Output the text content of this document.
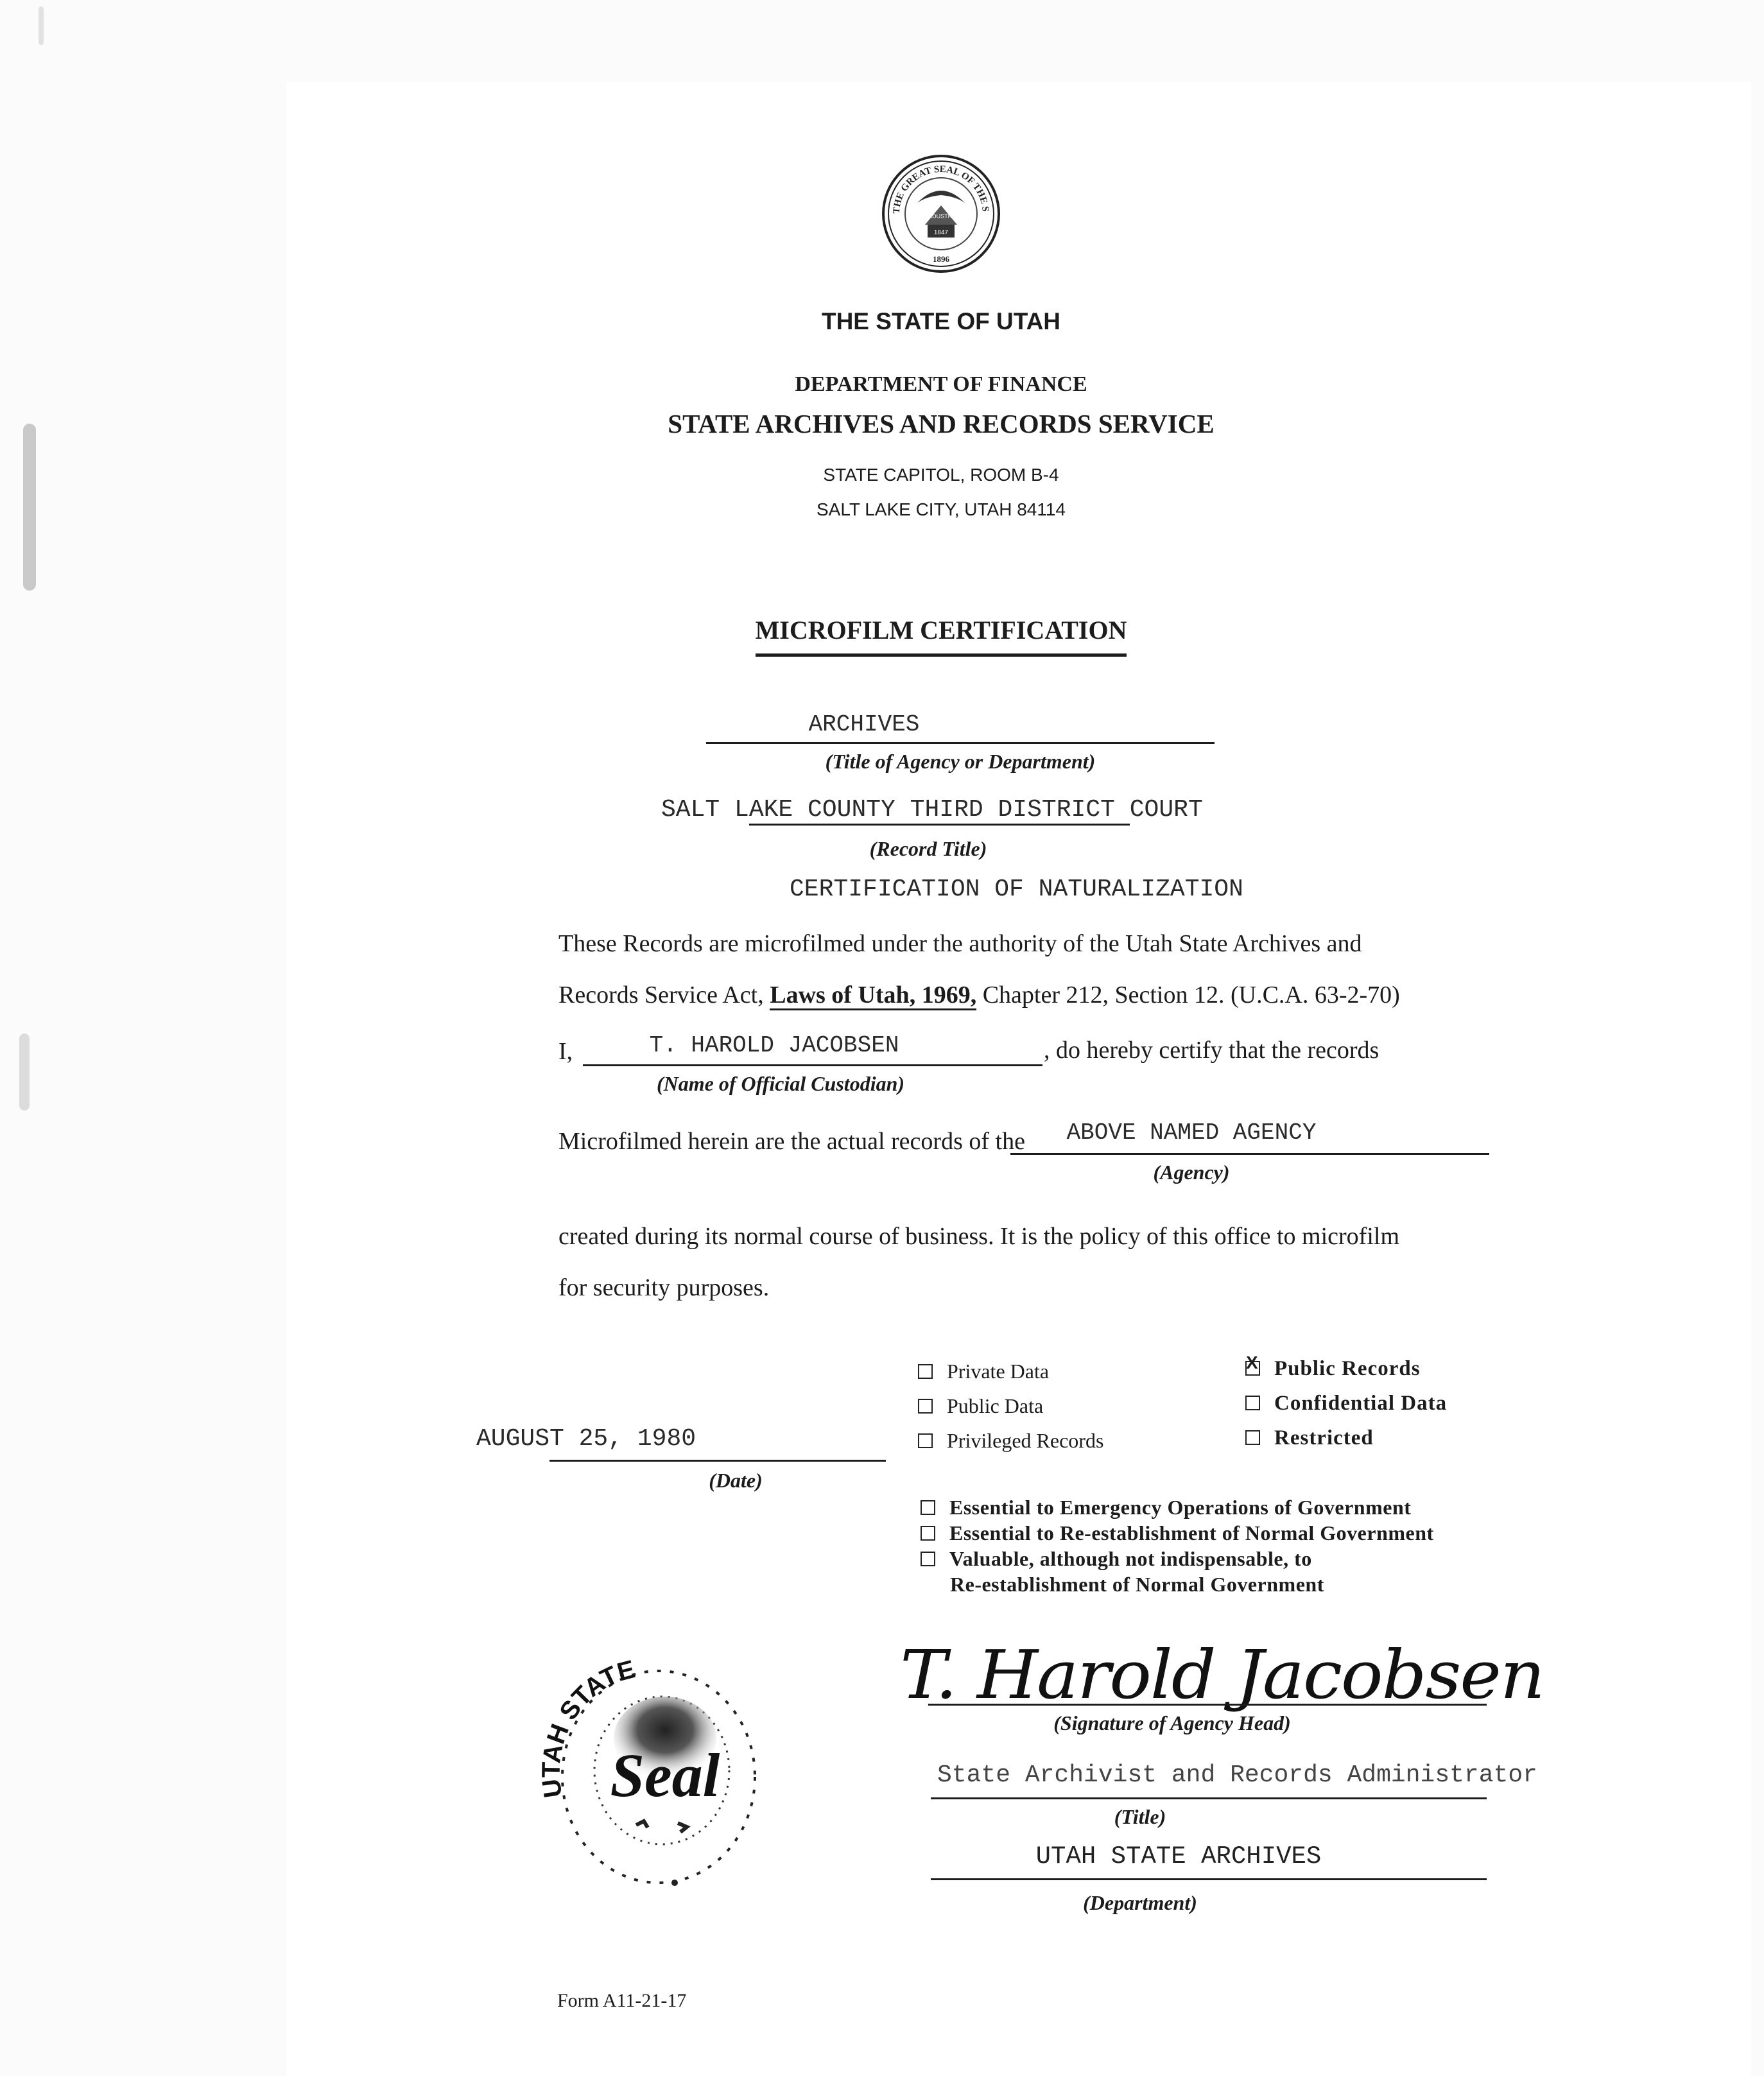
THE GREAT SEAL OF THE S
INDUSTRY
1847
1896
THE STATE OF UTAH
DEPARTMENT OF FINANCE
STATE ARCHIVES AND RECORDS SERVICE
STATE CAPITOL, ROOM B-4
SALT LAKE CITY, UTAH 84114
MICROFILM CERTIFICATION
ARCHIVES
(Title of Agency or Department)
SALT LAKE COUNTY THIRD DISTRICT COURT
(Record Title)
CERTIFICATION OF NATURALIZATION
These Records are microfilmed under the authority of the Utah State Archives and
Records Service Act, Laws of Utah, 1969, Chapter 212, Section 12. (U.C.A. 63-2-70)
I,	T. HAROLD JACOBSEN	, do hereby certify that the records
(Name of Official Custodian)
Microfilmed herein are the actual records of the	ABOVE NAMED AGENCY
(Agency)
created during its normal course of business. It is the policy of this office to microfilm
for security purposes.
Private Data
Public Data
Privileged Records
XPublic Records
Confidential Data
Restricted
AUGUST 25, 1980
(Date)
Essential to Emergency Operations of Government
Essential to Re-establishment of Normal Government
Valuable, although not indispensable, to
Re-establishment of Normal Government
UTAH STATE
Seal
T. Harold Jacobsen
(Signature of Agency Head)
State Archivist and Records Administrator
(Title)
UTAH STATE ARCHIVES
(Department)
Form A11-21-17
